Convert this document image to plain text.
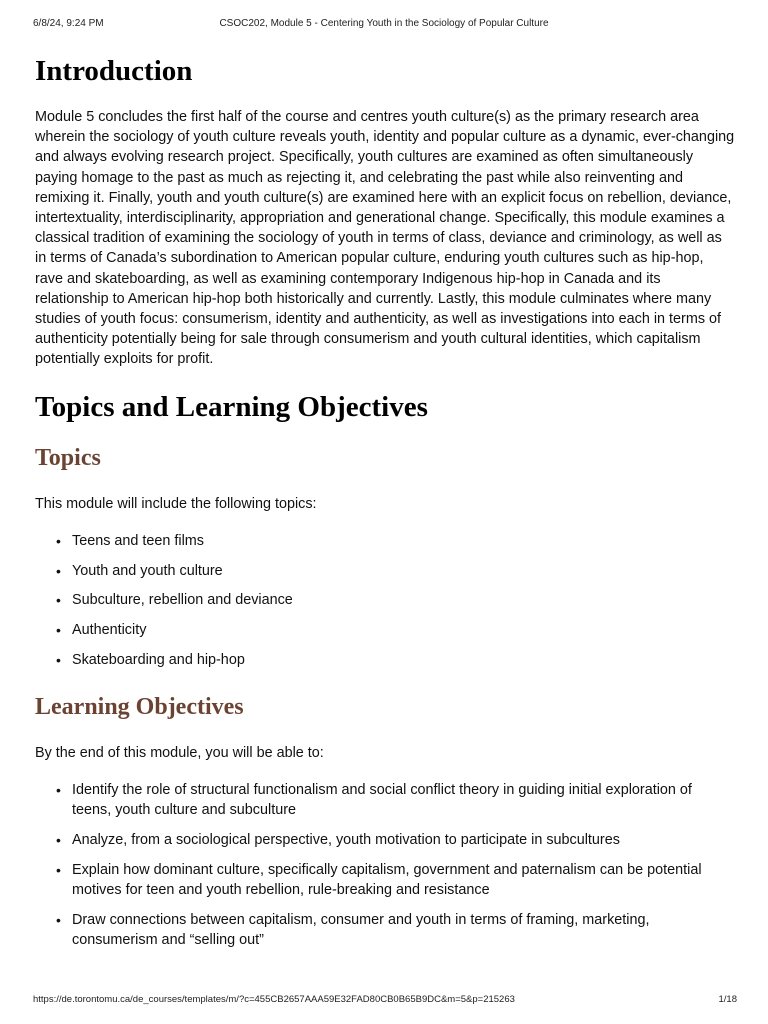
6/8/24, 9:24 PM	CSOC202, Module 5 - Centering Youth in the Sociology of Popular Culture
Introduction

Module 5 concludes the first half of the course and centres youth culture(s) as the primary research area wherein the sociology of youth culture reveals youth, identity and popular culture as a dynamic, ever-changing and always evolving research project. Specifically, youth cultures are examined as often simultaneously paying homage to the past as much as rejecting it, and celebrating the past while also reinventing and remixing it. Finally, youth and youth culture(s) are examined here with an explicit focus on rebellion, deviance, intertextuality, interdisciplinarity, appropriation and generational change. Specifically, this module examines a classical tradition of examining the sociology of youth in terms of class, deviance and criminology, as well as in terms of Canada’s subordination to American popular culture, enduring youth cultures such as hip-hop, rave and skateboarding, as well as examining contemporary Indigenous hip-hop in Canada and its relationship to American hip-hop both historically and currently. Lastly, this module culminates where many studies of youth focus: consumerism, identity and authenticity, as well as investigations into each in terms of authenticity potentially being for sale through consumerism and youth cultural identities, which capitalism potentially exploits for profit.

Topics and Learning Objectives
Topics

This module will include the following topics:

• Teens and teen films
• Youth and youth culture
• Subculture, rebellion and deviance
• Authenticity
• Skateboarding and hip-hop
Learning Objectives

By the end of this module, you will be able to:

• Identify the role of structural functionalism and social conflict theory in guiding initial exploration of teens, youth culture and subculture
• Analyze, from a sociological perspective, youth motivation to participate in subcultures
• Explain how dominant culture, specifically capitalism, government and paternalism can be potential motives for teen and youth rebellion, rule-breaking and resistance
• Draw connections between capitalism, consumer and youth in terms of framing, marketing, consumerism and “selling out”
https://de.torontomu.ca/de_courses/templates/m/?c=455CB2657AAA59E32FAD80CB0B65B9DC&m=5&p=215263	1/18
